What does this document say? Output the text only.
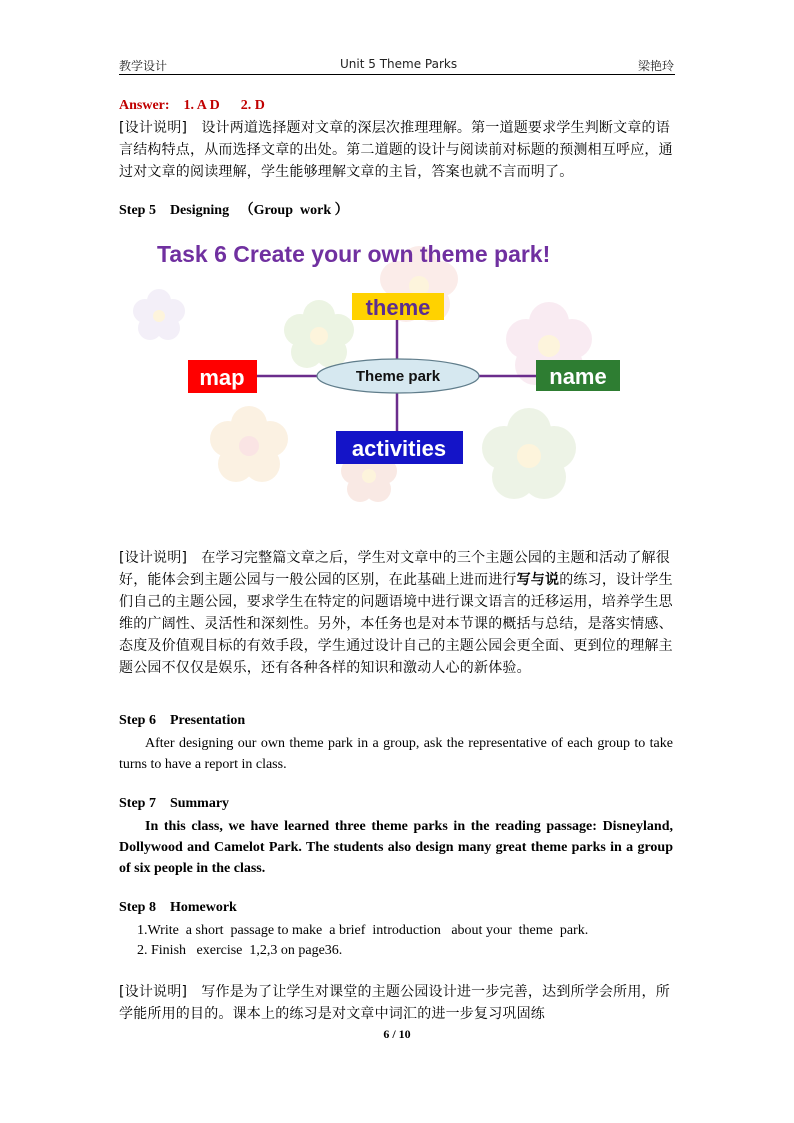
教学设计	Unit 5 Theme Parks	梁艳玲
Answer: 1. A D 2. D

[设计说明]　 设计两道选择题对文章的深层次推理理解。第一道题要求学生判断文章的语言结构特点，从而选择文章的出处。第二道题的设计与阅读前对标题的预测相互呼应，通过对文章的阅读理解，学生能够理解文章的主旨，答案也就不言而明了。

Step 5    Designing   （Group  work ）
Task 6 Create your own theme park!
theme
map	name
activities
Theme park

[设计说明]　 在学习完整篇文章之后，学生对文章中的三个主题公园的主题和活动了解很好，能体会到主题公园与一般公园的区别，在此基础上进而进行写与说的练习，设计学生们自己的主题公园，要求学生在特定的问题语境中进行课文语言的迁移运用，培养学生思维的广阔性、灵活性和深刻性。另外，本任务也是对本节课的概括与总结，是落实情感、态度及价值观目标的有效手段，学生通过设计自己的主题公园会更全面、更到位的理解主题公园不仅仅是娱乐，还有各种各样的知识和激动人心的新体验。

Step 6    Presentation

After designing our own theme park in a group, ask the representative of each group to take turns to have a report in class.

Step 7    Summary

In this class, we have learned three theme parks in the reading passage: Disneyland, Dollywood and Camelot Park. The students also design many great theme parks in a group of six people in the class.

Step 8    Homework
1.Write  a short  passage to make  a brief  introduction   about your  theme  park.
2. Finish   exercise  1,2,3 on page36.

[设计说明]　 写作是为了让学生对课堂的主题公园设计进一步完善，达到所学会所用，所学能所用的目的。课本上的练习是对文章中词汇的进一步复习巩固练

6 / 10
